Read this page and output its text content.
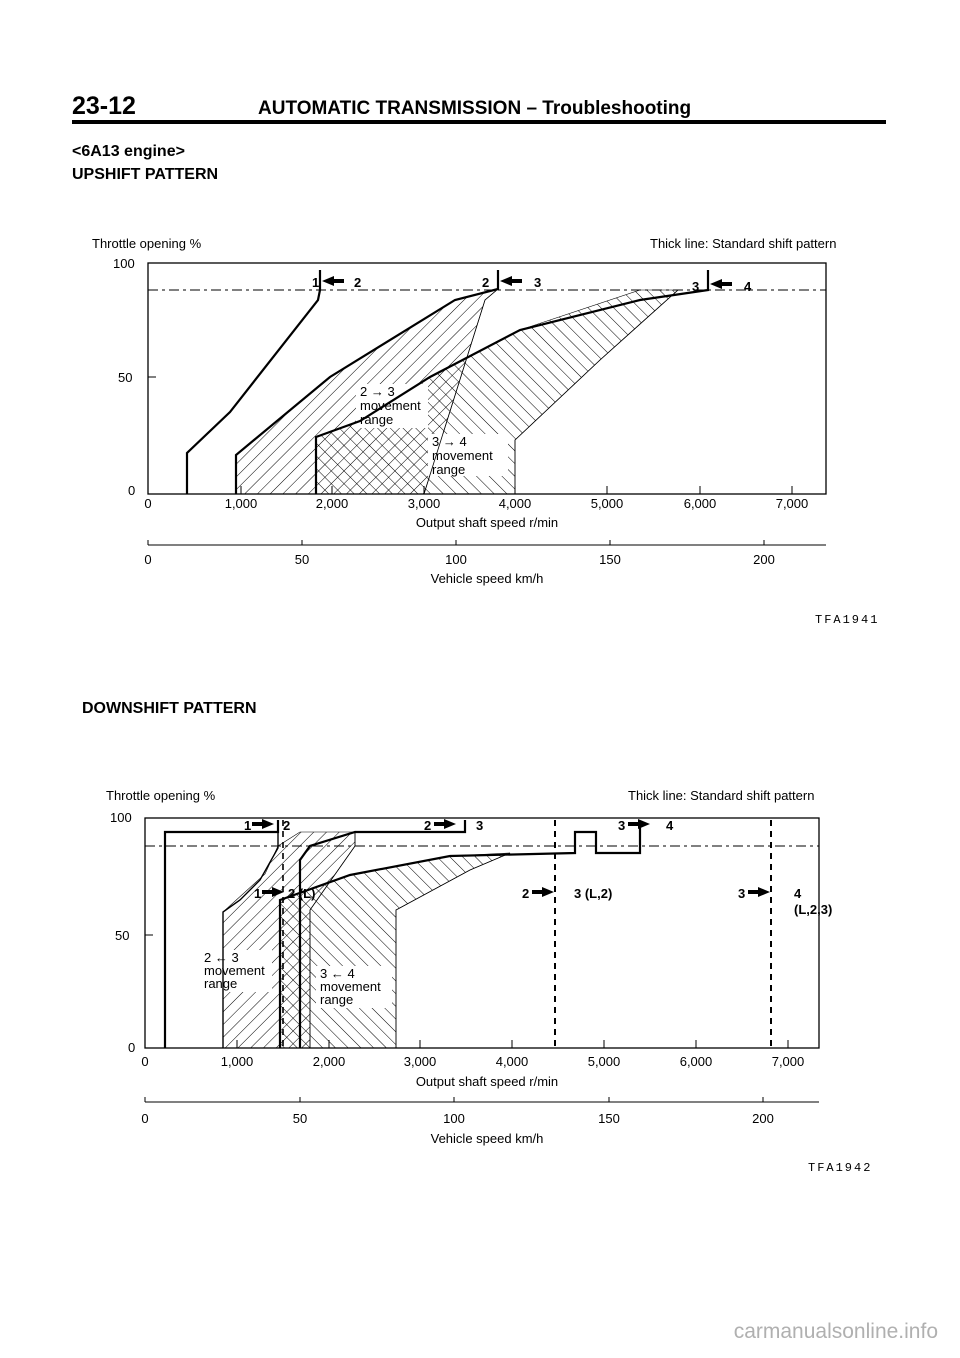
23-12	AUTOMATIC TRANSMISSION – Troubleshooting
<6A13 engine>
UPSHIFT PATTERN
Throttle opening %	Thick line: Standard shift pattern
100
50
0
0	1,000	2,000	3,000	4,000	5,000	6,000	7,000
Output shaft speed r/min
0	50	100	150	200
Vehicle speed km/h
1	2	2	3	3	4
2 → 3
movement
range
3 → 4
movement
range
TFA1941
DOWNSHIFT PATTERN
Throttle opening %	Thick line: Standard shift pattern
100
50
0
0	1,000	2,000	3,000	4,000	5,000	6,000	7,000
Output shaft speed r/min
0	50	100	150	200
Vehicle speed km/h
1 2	2	3	3	4
1 2 (L)	2	3 (L,2)	3	4
(L,2,3)
2 ← 3
movement
range
3 ← 4
movement
range
TFA1942
carmanualsonline.info
